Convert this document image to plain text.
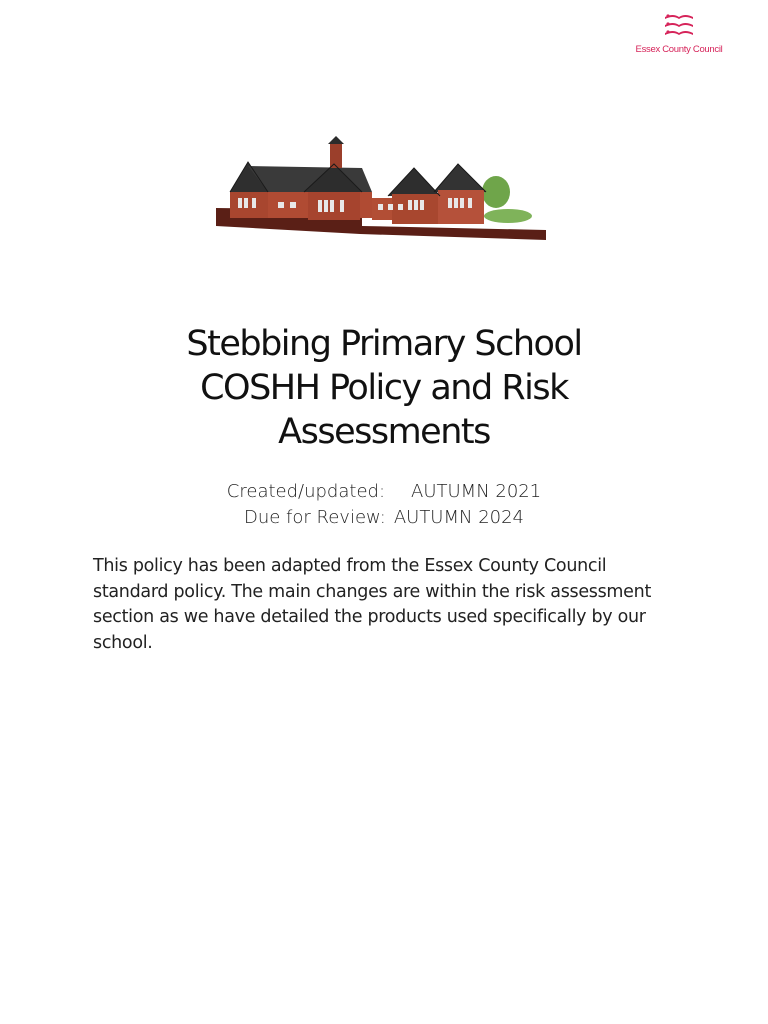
Essex County Council
Stebbing Primary School
COSHH Policy and Risk
Assessments
Created/updated: AUTUMN 2021
Due for Review: AUTUMN 2024

This policy has been adapted from the Essex County Council standard policy. The main changes are within the risk assessment section as we have detailed the products used specifically by our school.
